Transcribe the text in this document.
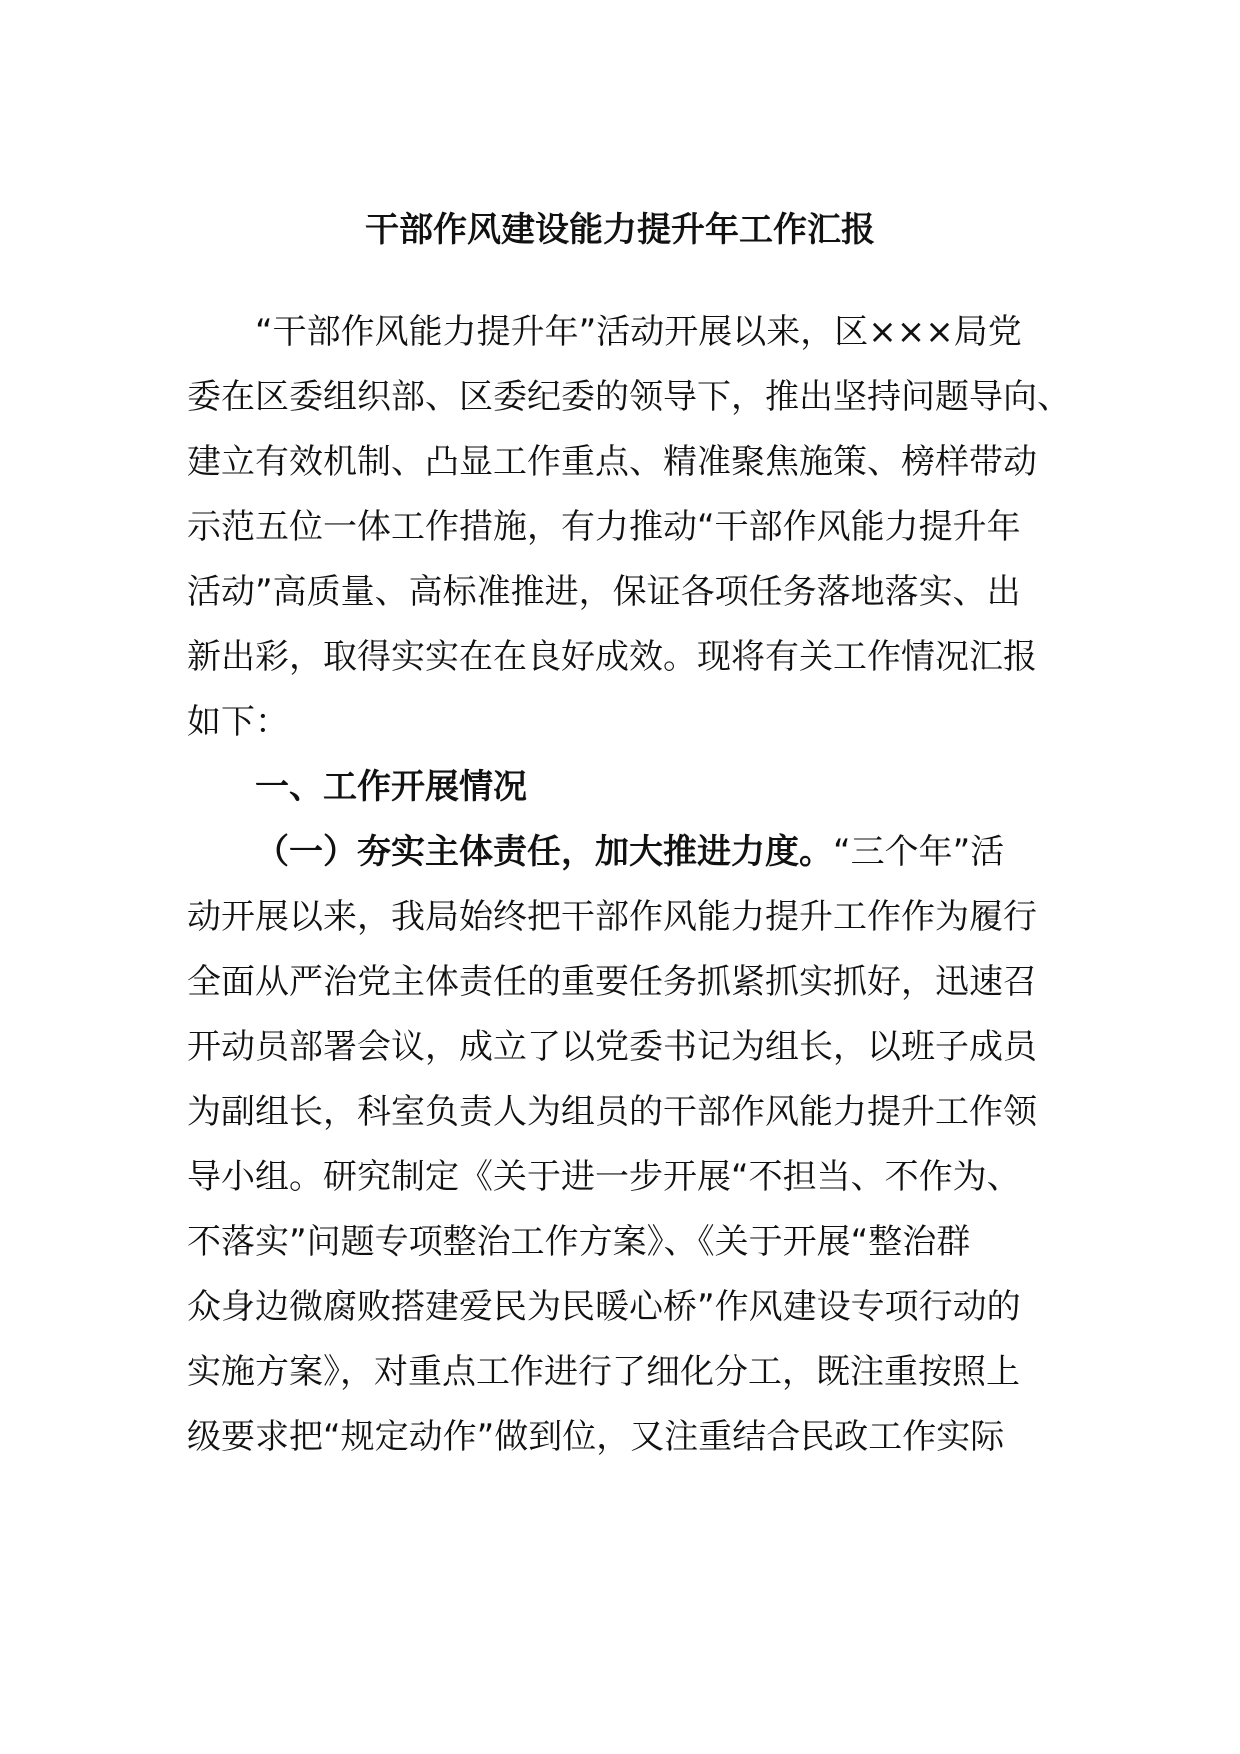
干部作风建设能力提升年工作汇报
“干部作风能力提升年”活动开展以来，区×××局党
委在区委组织部、区委纪委的领导下，推出坚持问题导向、
建立有效机制、凸显工作重点、精准聚焦施策、榜样带动
示范五位一体工作措施，有力推动“干部作风能力提升年
活动”高质量、高标准推进，保证各项任务落地落实、出
新出彩，取得实实在在良好成效。现将有关工作情况汇报
如下：
一、工作开展情况
（一）夯实主体责任，加大推进力度。“三个年”活
动开展以来，我局始终把干部作风能力提升工作作为履行
全面从严治党主体责任的重要任务抓紧抓实抓好，迅速召
开动员部署会议，成立了以党委书记为组长，以班子成员
为副组长，科室负责人为组员的干部作风能力提升工作领
导小组。研究制定《关于进一步开展“不担当、不作为、
不落实”问题专项整治工作方案》、《关于开展“整治群
众身边微腐败搭建爱民为民暖心桥”作风建设专项行动的
实施方案》，对重点工作进行了细化分工，既注重按照上
级要求把“规定动作”做到位，又注重结合民政工作实际
